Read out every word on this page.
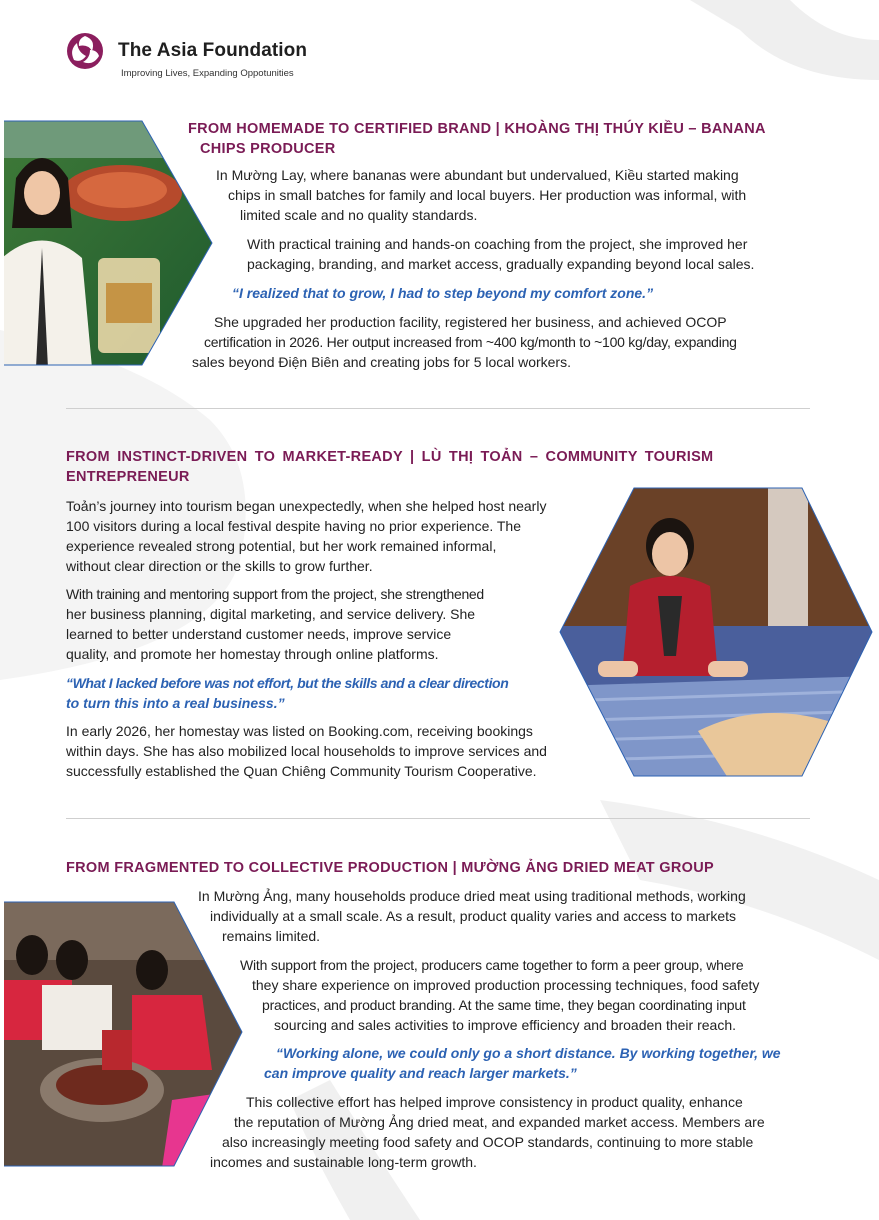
The Asia Foundation
Improving Lives, Expanding Oppotunities
FROM HOMEMADE TO CERTIFIED BRAND | KHOÀNG THỊ THÚY KIỀU – BANANA
CHIPS PRODUCER

In Mường Lay, where bananas were abundant but undervalued, Kiều started making
chips in small batches for family and local buyers. Her production was informal, with
limited scale and no quality standards.

With practical training and hands-on coaching from the project, she improved her
packaging, branding, and market access, gradually expanding beyond local sales.

“I realized that to grow, I had to step beyond my comfort zone.”

She upgraded her production facility, registered her business, and achieved OCOP
certification in 2026. Her output increased from ~400 kg/month to ~100 kg/day, expanding
sales beyond Điện Biên and creating jobs for 5 local workers.

FROM INSTINCT-DRIVEN TO MARKET-READY | LÙ THỊ TOẢN – COMMUNITY TOURISM
ENTREPRENEUR

Toản’s journey into tourism began unexpectedly, when she helped host nearly
100 visitors during a local festival despite having no prior experience. The
experience revealed strong potential, but her work remained informal,
without clear direction or the skills to grow further.

With training and mentoring support from the project, she strengthened
her business planning, digital marketing, and service delivery. She
learned to better understand customer needs, improve service
quality, and promote her homestay through online platforms.

“What I lacked before was not effort, but the skills and a clear direction
to turn this into a real business.”

In early 2026, her homestay was listed on Booking.com, receiving bookings
within days. She has also mobilized local households to improve services and
successfully established the Quan Chiêng Community Tourism Cooperative.

FROM FRAGMENTED TO COLLECTIVE PRODUCTION | MƯỜNG ẢNG DRIED MEAT GROUP

In Mường Ảng, many households produce dried meat using traditional methods, working
individually at a small scale. As a result, product quality varies and access to markets
remains limited.

With support from the project, producers came together to form a peer group, where
they share experience on improved production processing techniques, food safety
practices, and product branding. At the same time, they began coordinating input
sourcing and sales activities to improve efficiency and broaden their reach.

“Working alone, we could only go a short distance. By working together, we
can improve quality and reach larger markets.”

This collective effort has helped improve consistency in product quality, enhance
the reputation of Mường Ảng dried meat, and expanded market access. Members are
also increasingly meeting food safety and OCOP standards, continuing to more stable
incomes and sustainable long-term growth.
